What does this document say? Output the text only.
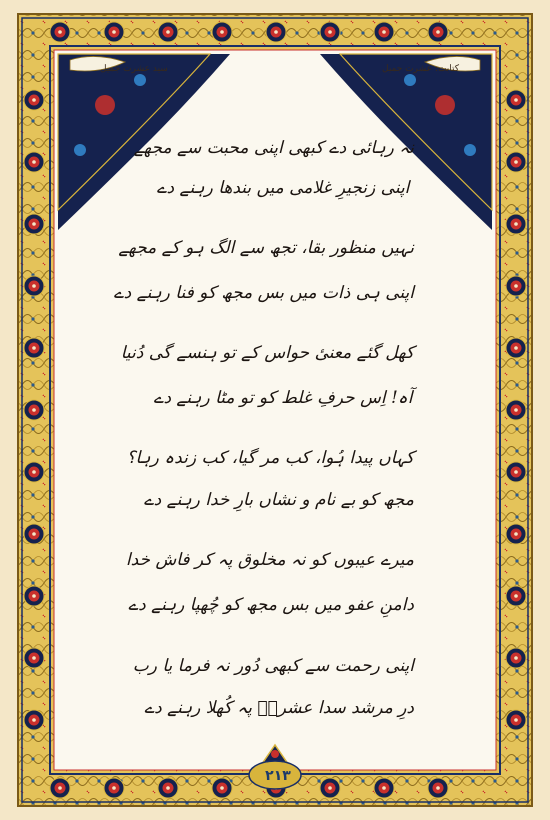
سید عشرت جمیل	کتابت: عشرت جمیل
نہ رہائی دے کبھی اپنی محبت سے مجھے
اپنی زنجیرِ غلامی میں بندھا رہنے دے
نہیں منظور بقا، تجھ سے الگ ہو کے مجھے
اپنی ہی ذات میں بس مجھ کو فنا رہنے دے
کھل گئے معنیٔ حواس کے تو ہنسے گی دُنیا
آہ! اِس حرفِ غلط کو تو مٹا رہنے دے
کہاں پیدا ہُوا، کب مر گیا، کب زندہ رہا؟
مجھ کو بے نام و نشاں بارِ خدا رہنے دے
میرے عیبوں کو نہ مخلوق پہ کر فاش خدا
دامنِ عفو میں بس مجھ کو چُھپا رہنے دے
اپنی رحمت سے کبھی دُور نہ فرما یا رب
درِ مرشد سدا عشرتؔ پہ کُھلا رہنے دے
۲۱۳
